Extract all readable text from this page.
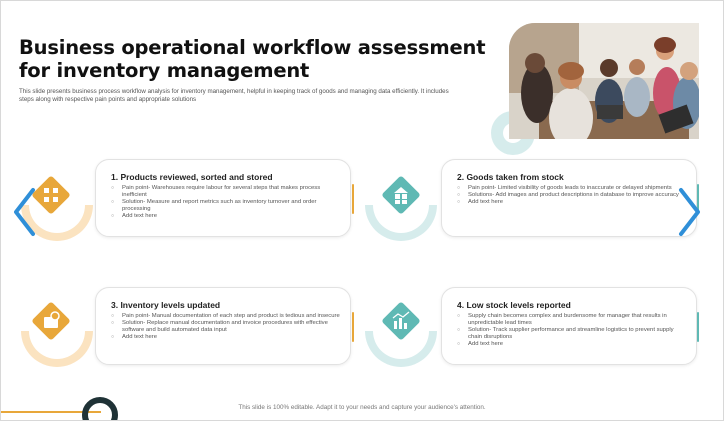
Business operational workflow assessment for inventory management
This slide presents business process workflow analysis for inventory management, helpful in keeping track of goods and managing data efficiently. It includes steps along with respective pain points and appropriate solutions
1. Products reviewed, sorted and stored
○ Pain point- Warehouses require labour for several steps that makes process inefficient
○ Solution- Measure and report metrics such as inventory turnover and order processing
○ Add text here
2. Goods taken from stock
○ Pain point- Limited visibility of goods leads to inaccurate or delayed shipments
○ Solutions- Add images and product descriptions in database to improve accuracy
○ Add text here
3. Inventory levels updated
○ Pain point- Manual documentation of each step and product is tedious and insecure
○ Solution- Replace manual documentation and invoice procedures with effective software and build automated data input
○ Add text here
4. Low stock levels reported
○ Supply chain becomes complex and burdensome for manager that results in unpredictable lead times
○ Solution- Track supplier performance and streamline logistics to prevent supply chain disruptions
○ Add text here
This slide is 100% editable. Adapt it to your needs and capture your audience's attention.
